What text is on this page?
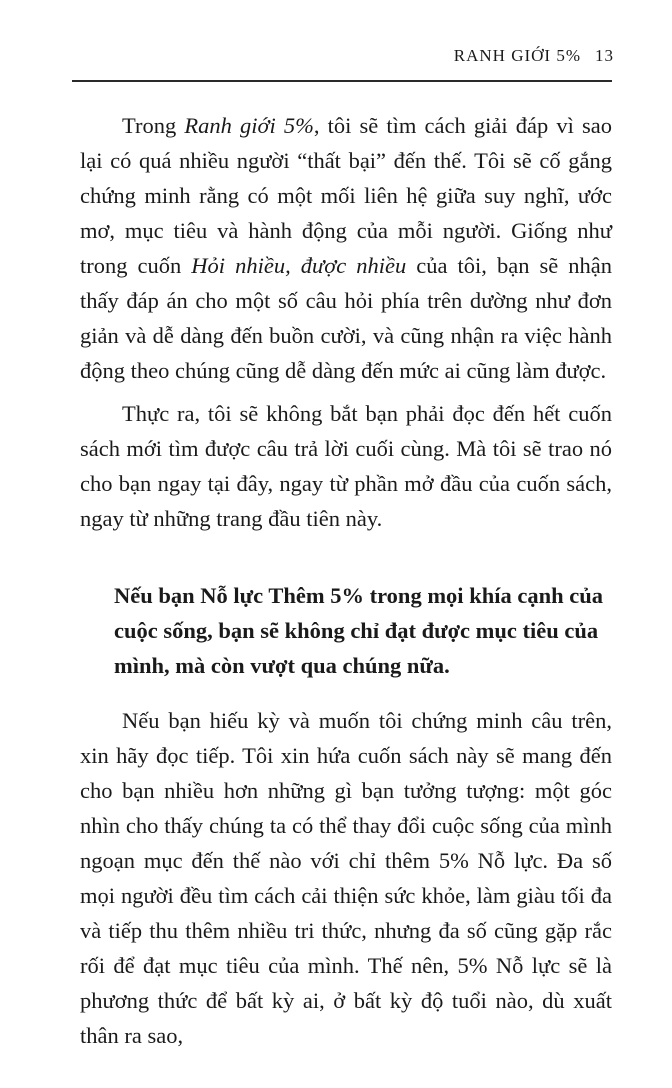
RANH GIỚI 5% 13

Trong Ranh giới 5%, tôi sẽ tìm cách giải đáp vì sao lại có quá nhiều người “thất bại” đến thế. Tôi sẽ cố gắng chứng minh rằng có một mối liên hệ giữa suy nghĩ, ước mơ, mục tiêu và hành động của mỗi người. Giống như trong cuốn Hỏi nhiều, được nhiều của tôi, bạn sẽ nhận thấy đáp án cho một số câu hỏi phía trên dường như đơn giản và dễ dàng đến buồn cười, và cũng nhận ra việc hành động theo chúng cũng dễ dàng đến mức ai cũng làm được.

Thực ra, tôi sẽ không bắt bạn phải đọc đến hết cuốn sách mới tìm được câu trả lời cuối cùng. Mà tôi sẽ trao nó cho bạn ngay tại đây, ngay từ phần mở đầu của cuốn sách, ngay từ những trang đầu tiên này.

Nếu bạn Nỗ lực Thêm 5% trong mọi khía cạnh của cuộc sống, bạn sẽ không chỉ đạt được mục tiêu của mình, mà còn vượt qua chúng nữa.

Nếu bạn hiếu kỳ và muốn tôi chứng minh câu trên, xin hãy đọc tiếp. Tôi xin hứa cuốn sách này sẽ mang đến cho bạn nhiều hơn những gì bạn tưởng tượng: một góc nhìn cho thấy chúng ta có thể thay đổi cuộc sống của mình ngoạn mục đến thế nào với chỉ thêm 5% Nỗ lực. Đa số mọi người đều tìm cách cải thiện sức khỏe, làm giàu tối đa và tiếp thu thêm nhiều tri thức, nhưng đa số cũng gặp rắc rối để đạt mục tiêu của mình. Thế nên, 5% Nỗ lực sẽ là phương thức để bất kỳ ai, ở bất kỳ độ tuổi nào, dù xuất thân ra sao,
